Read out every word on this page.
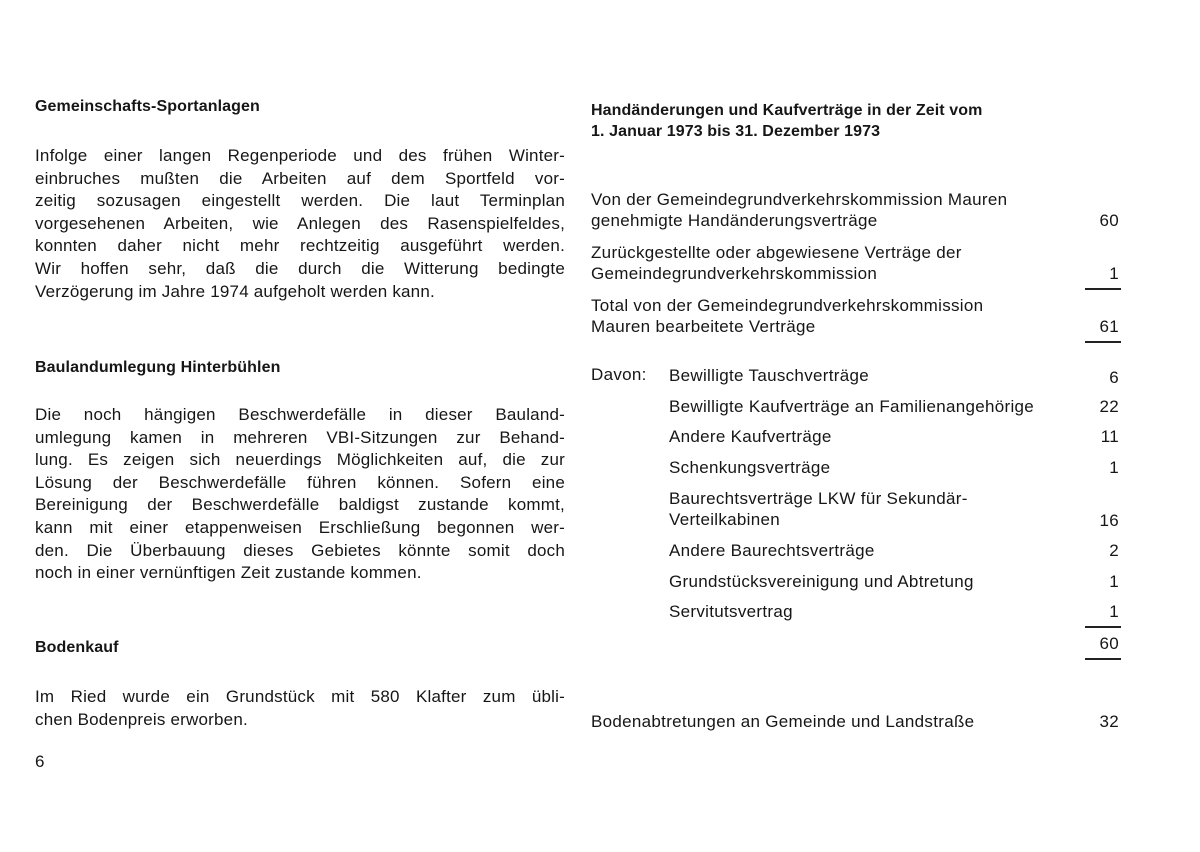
Gemeinschafts-Sportanlagen
Infolge einer langen Regenperiode und des frühen Winter-
einbruches mußten die Arbeiten auf dem Sportfeld vor-
zeitig sozusagen eingestellt werden. Die laut Terminplan
vorgesehenen Arbeiten, wie Anlegen des Rasenspielfeldes,
konnten daher nicht mehr rechtzeitig ausgeführt werden.
Wir hoffen sehr, daß die durch die Witterung bedingte
Verzögerung im Jahre 1974 aufgeholt werden kann.
Baulandumlegung Hinterbühlen
Die noch hängigen Beschwerdefälle in dieser Bauland-
umlegung kamen in mehreren VBI-Sitzungen zur Behand-
lung. Es zeigen sich neuerdings Möglichkeiten auf, die zur
Lösung der Beschwerdefälle führen können. Sofern eine
Bereinigung der Beschwerdefälle baldigst zustande kommt,
kann mit einer etappenweisen Erschließung begonnen wer-
den. Die Überbauung dieses Gebietes könnte somit doch
noch in einer vernünftigen Zeit zustande kommen.
Bodenkauf
Im Ried wurde ein Grundstück mit 580 Klafter zum übli-
chen Bodenpreis erworben.
6
Handänderungen und Kaufverträge in der Zeit vom
1. Januar 1973 bis 31. Dezember 1973
Von der Gemeindegrundverkehrskommission Mauren
genehmigte Handänderungsverträge	60
Zurückgestellte oder abgewiesene Verträge der
Gemeindegrundverkehrskommission	1
Total von der Gemeindegrundverkehrskommission
Mauren bearbeitete Verträge	61
Davon: Bewilligte Tauschverträge	6
Bewilligte Kaufverträge an Familienangehörige	22
Andere Kaufverträge	11
Schenkungsverträge	1
Baurechtsverträge LKW für Sekundär-
Verteilkabinen	16
Andere Baurechtsverträge	2
Grundstücksvereinigung und Abtretung	1
Servitutsvertrag	1
60
Bodenabtretungen an Gemeinde und Landstraße	32
